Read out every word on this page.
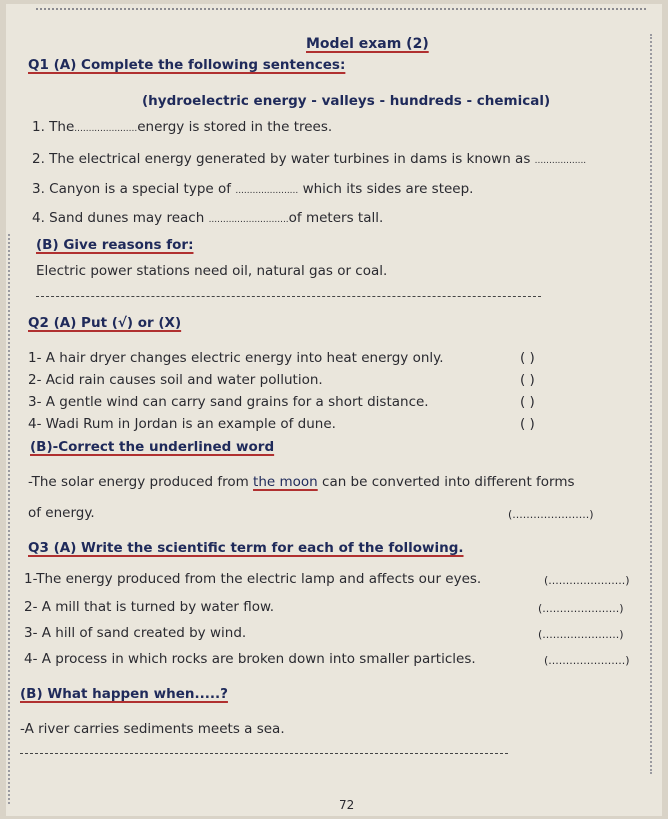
Model exam (2)
Q1 (A) Complete the following sentences:
(hydroelectric energy - valleys - hundreds - chemical)
1. The......................energy is stored in the trees.
2. The electrical energy generated by water turbines in dams is known as ..................
3. Canyon is a special type of ...................... which its sides are steep.
4. Sand dunes may reach ............................of meters tall.
(B) Give reasons for:
Electric power stations need oil, natural gas or coal.
Q2 (A) Put (√) or (X)
1- A hair dryer changes electric energy into heat energy only.	( )
2- Acid rain causes soil and water pollution.	( )
3- A gentle wind can carry sand grains for a short distance.	( )
4- Wadi Rum in Jordan is an example of dune.	( )
(B)-Correct the underlined word
-The solar energy produced from the moon can be converted into different forms
of energy.	(......................)
Q3 (A) Write the scientific term for each of the following.
1-The energy produced from the electric lamp and affects our eyes.	(......................)
2- A mill that is turned by water flow.	(......................)
3- A hill of sand created by wind.	(......................)
4- A process in which rocks are broken down into smaller particles.	(......................)
(B) What happen when.....?
-A river carries sediments meets a sea.
72
